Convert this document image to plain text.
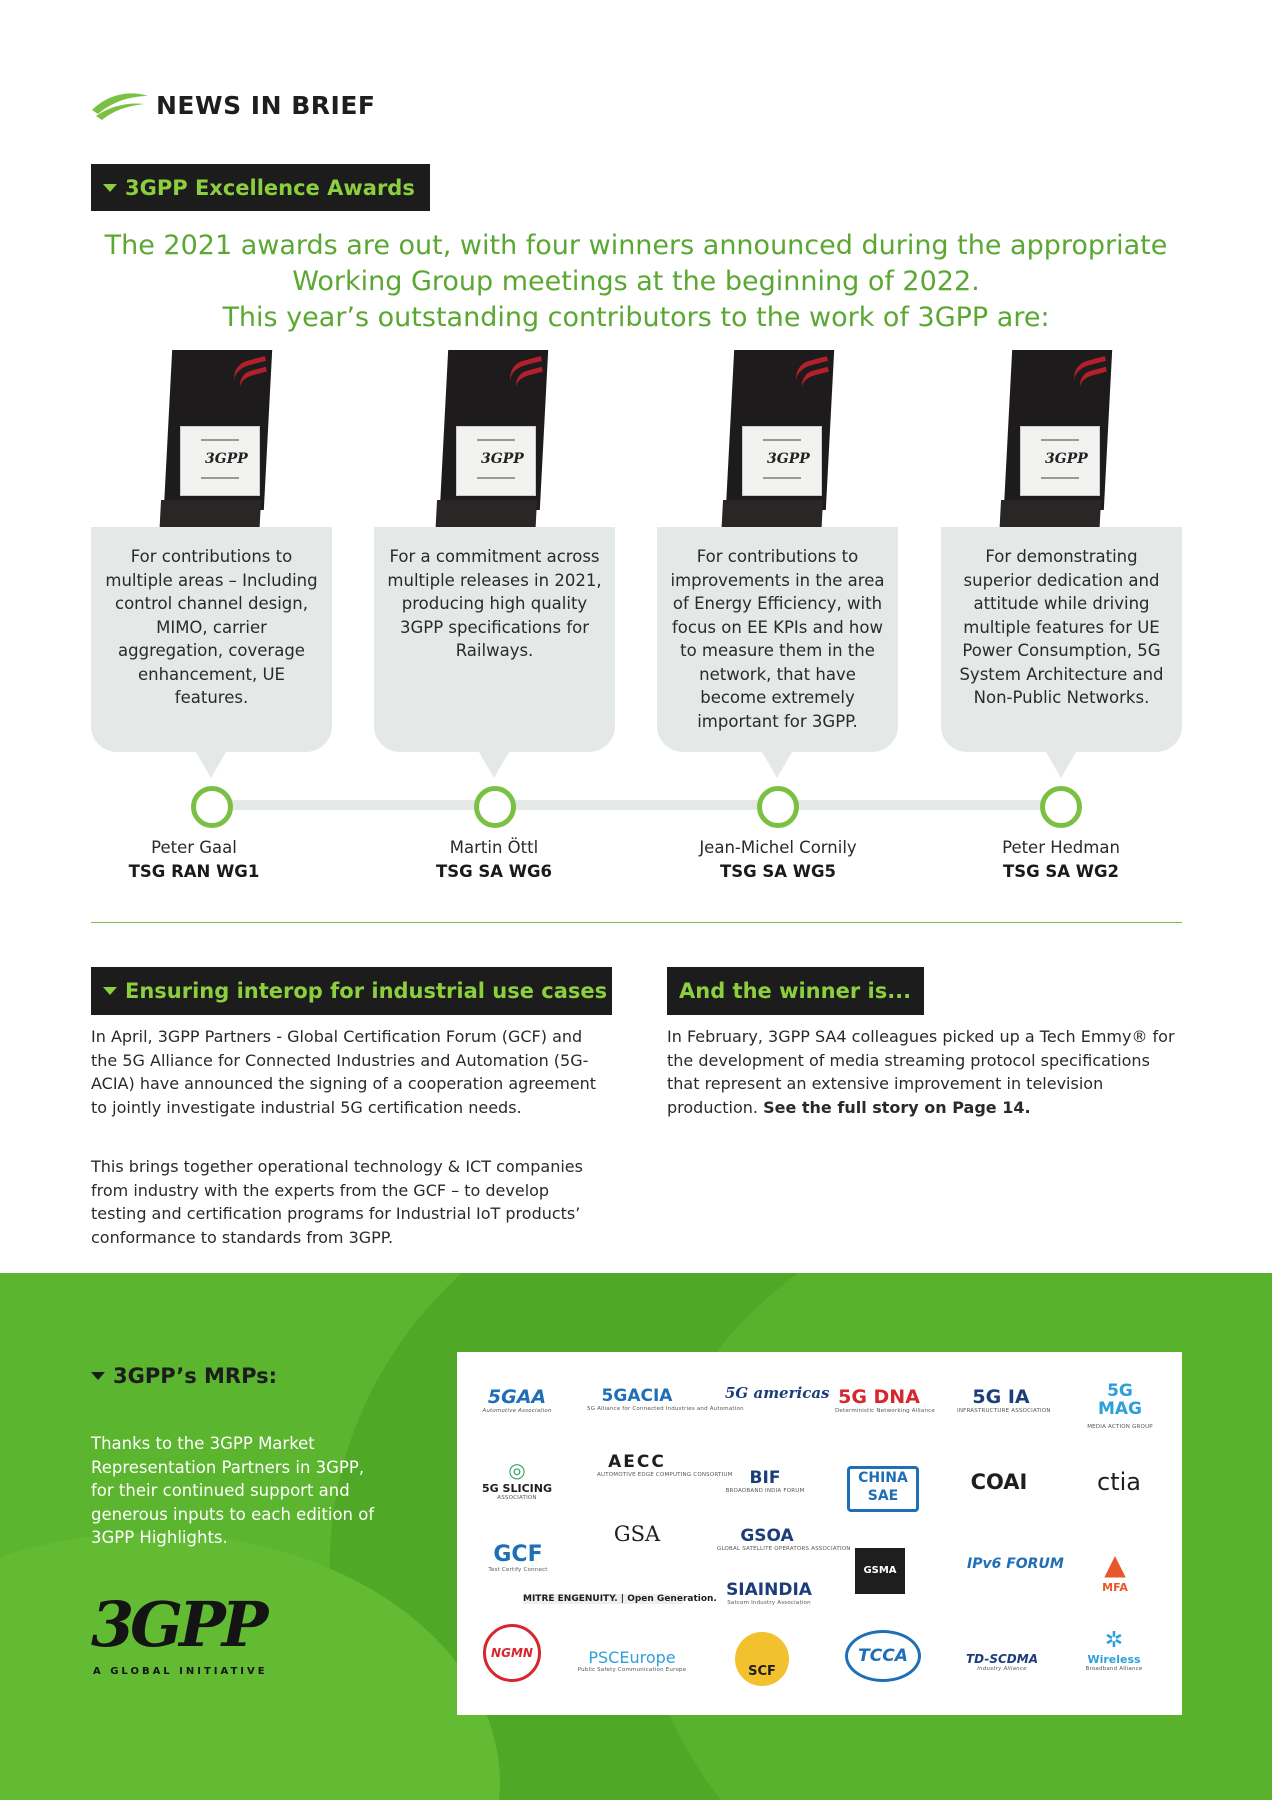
NEWS IN BRIEF
3GPP Excellence Awards
The 2021 awards are out, with four winners announced during the appropriate
Working Group meetings at the beginning of 2022.
This year’s outstanding contributors to the work of 3GPP are:
3GPP	3GPP	3GPP	3GPP
For contributions to multiple areas – Including control channel design, MIMO, carrier aggregation, coverage enhancement, UE features.
For a commitment across multiple releases in 2021, producing high quality 3GPP specifications for Railways.
For contributions to improvements in the area of Energy Efficiency, with focus on EE KPIs and how to measure them in the network, that have become extremely important for 3GPP.
For demonstrating superior dedication and attitude while driving multiple features for UE Power Consumption, 5G System Architecture and Non-Public Networks.
Peter Gaal
TSG RAN WG1
Martin Öttl
TSG SA WG6
Jean-Michel Cornily
TSG SA WG5
Peter Hedman
TSG SA WG2
Ensuring interop for industrial use cases
In April, 3GPP Partners - Global Certification Forum (GCF) and the 5G Alliance for Connected Industries and Automation (5G-ACIA) have announced the signing of a cooperation agreement to jointly investigate industrial 5G certification needs.
This brings together operational technology & ICT companies from industry with the experts from the GCF – to develop testing and certification programs for Industrial IoT products’ conformance to standards from 3GPP.
And the winner is...
In February, 3GPP SA4 colleagues picked up a Tech Emmy® for the development of media streaming protocol specifications that represent an extensive improvement in television production. See the full story on Page 14.
3GPP’s MRPs:
Thanks to the 3GPP Market Representation Partners in 3GPP, for their continued support and generous inputs to each edition of 3GPP Highlights.
3GPP
A GLOBAL INITIATIVE
5GAA
Automotive Association
5GACIA
5G Alliance for Connected Industries and Automation
5G americas 5G DNA
Deterministic Networking Alliance
5G IA
INFRASTRUCTURE ASSOCIATION
5G MAG
MEDIA ACTION GROUP
◎
5G SLICING
ASSOCIATION
AECC
AUTOMOTIVE EDGE COMPUTING CONSORTIUM BIF
BROADBAND INDIA FORUM
CHINA SAE
COAI	ctia
GSA	GSOA
GLOBAL SATELLITE OPERATORS ASSOCIATION
GCF
Test Certify Connect	GSMA	IPv6 FORUM	▲
MFA
MITRE ENGENUITY. | Open Generation. SIAINDIA
Satcom Industry Association
NGMN	PSCEurope
Public Safety Communication Europe	SCF
TCCA	TD-SCDMA
Industry Alliance
✲
Wireless
Broadband Alliance
